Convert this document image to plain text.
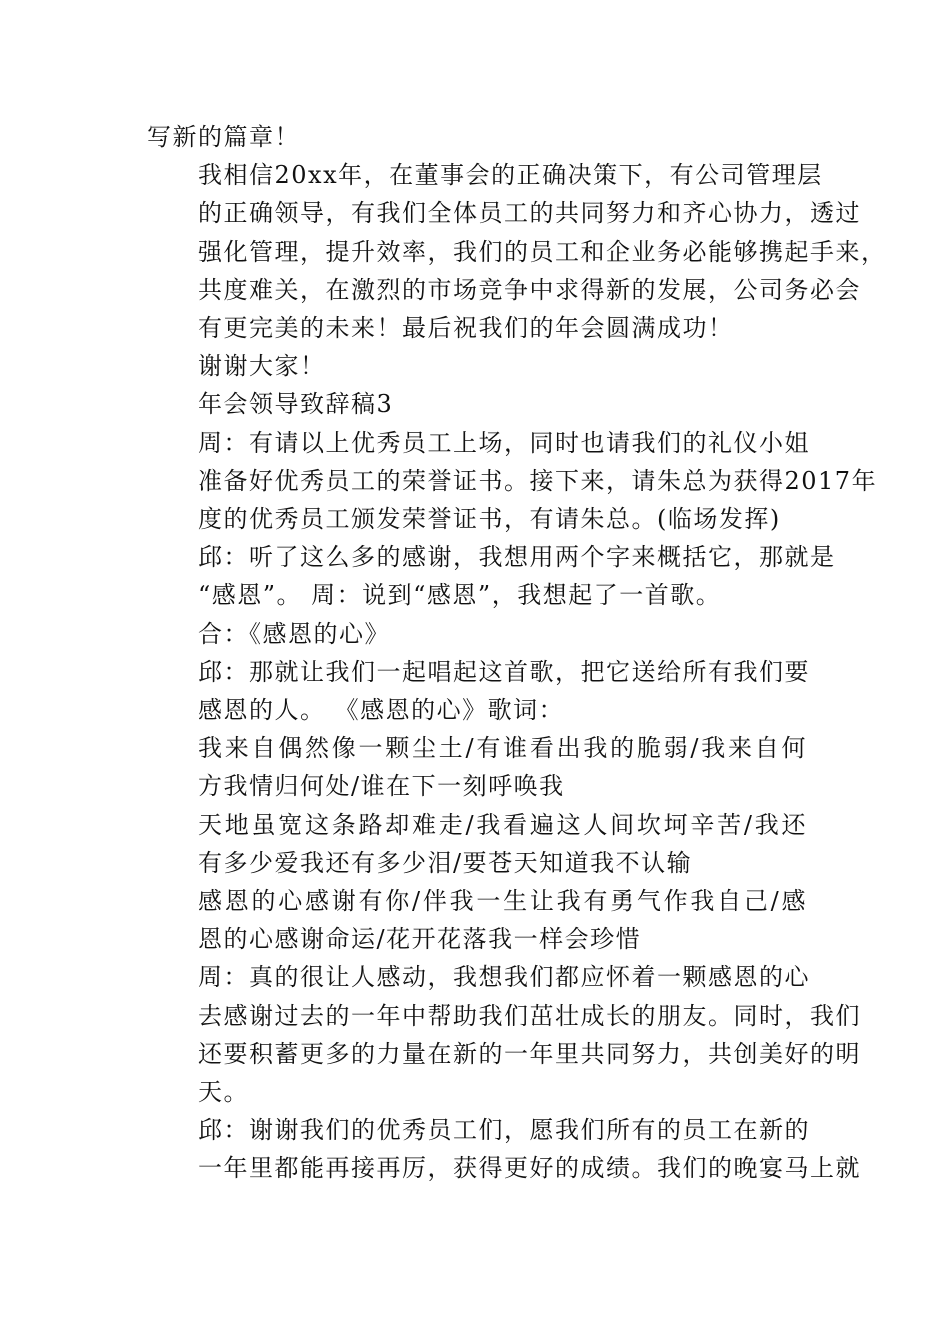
写新的篇章！

我相信20xx年，在董事会的正确决策下，有公司管理层
的正确领导，有我们全体员工的共同努力和齐心协力，透过
强化管理，提升效率，我们的员工和企业务必能够携起手来，
共度难关，在激烈的市场竞争中求得新的发展，公司务必会
有更完美的未来！最后祝我们的年会圆满成功！

谢谢大家！

年会领导致辞稿3

周：有请以上优秀员工上场，同时也请我们的礼仪小姐
准备好优秀员工的荣誉证书。接下来，请朱总为获得2017年
度的优秀员工颁发荣誉证书，有请朱总。(临场发挥)

邱：听了这么多的感谢，我想用两个字来概括它，那就是
“感恩”。 周：说到“感恩”，我想起了一首歌。

合：《感恩的心》

邱：那就让我们一起唱起这首歌，把它送给所有我们要
感恩的人。 《感恩的心》歌词：

我来自偶然像一颗尘土/有谁看出我的脆弱/我来自何
方我情归何处/谁在下一刻呼唤我

天地虽宽这条路却难走/我看遍这人间坎坷辛苦/我还
有多少爱我还有多少泪/要苍天知道我不认输

感恩的心感谢有你/伴我一生让我有勇气作我自己/感
恩的心感谢命运/花开花落我一样会珍惜

周：真的很让人感动，我想我们都应怀着一颗感恩的心
去感谢过去的一年中帮助我们茁壮成长的朋友。同时，我们
还要积蓄更多的力量在新的一年里共同努力，共创美好的明
天。

邱：谢谢我们的优秀员工们，愿我们所有的员工在新的
一年里都能再接再厉，获得更好的成绩。我们的晚宴马上就
